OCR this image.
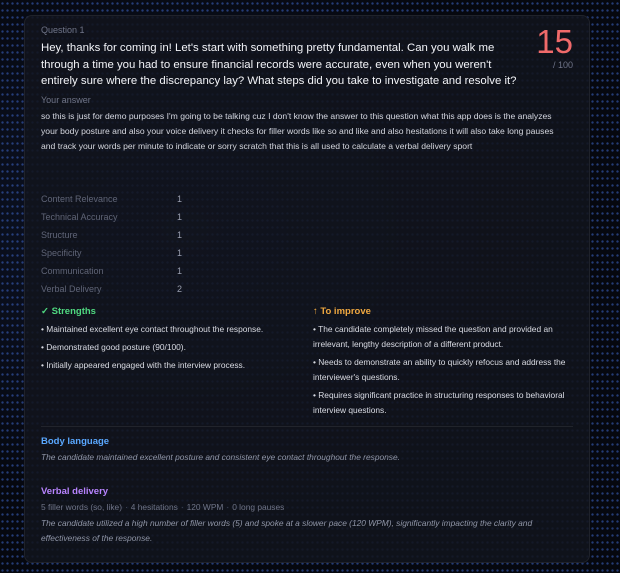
Question 1
Hey, thanks for coming in! Let's start with something pretty fundamental. Can you walk me through a time you had to ensure financial records were accurate, even when you weren't entirely sure where the discrepancy lay? What steps did you take to investigate and resolve it?
15
/ 100
Your answer
so this is just for demo purposes I'm going to be talking cuz I don't know the answer to this question what this app does is the analyzes your body posture and also your voice delivery it checks for filler words like so and like and also hesitations it will also take long pauses and track your words per minute to indicate or sorry scratch that this is all used to calculate a verbal delivery sport
Content Relevance	1
Technical Accuracy	1
Structure	1
Specificity	1
Communication	1
Verbal Delivery	2
✓ Strengths
• Maintained excellent eye contact throughout the response.
• Demonstrated good posture (90/100).
• Initially appeared engaged with the interview process.
↑ To improve
• The candidate completely missed the question and provided an irrelevant, lengthy description of a different product.
• Needs to demonstrate an ability to quickly refocus and address the interviewer's questions.
• Requires significant practice in structuring responses to behavioral interview questions.
Body language
The candidate maintained excellent posture and consistent eye contact throughout the response.
Verbal delivery
5 filler words (so, like) · 4 hesitations · 120 WPM · 0 long pauses
The candidate utilized a high number of filler words (5) and spoke at a slower pace (120 WPM), significantly impacting the clarity and effectiveness of the response.
